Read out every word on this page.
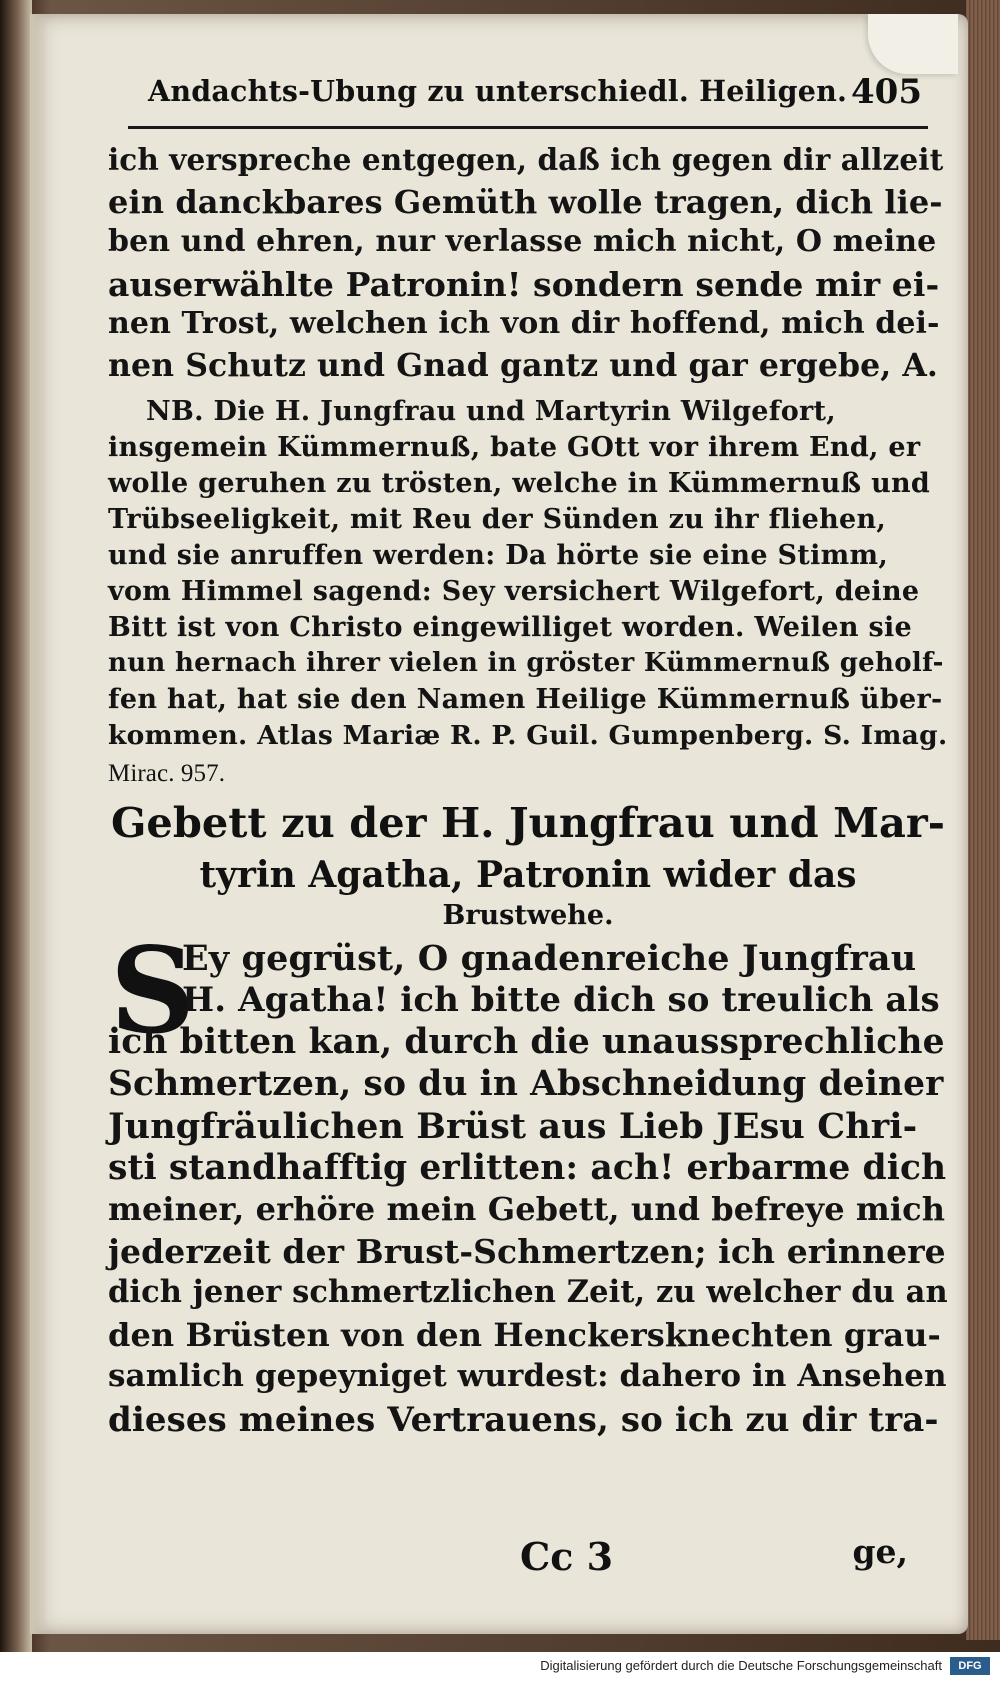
Andachts-Ubung zu unterschiedl. Heiligen. 405
ich verspreche entgegen, daß ich gegen dir allzeit
ein danckbares Gemüth wolle tragen, dich lie-
ben und ehren, nur verlasse mich nicht, O meine
auserwählte Patronin! sondern sende mir ei-
nen Trost, welchen ich von dir hoffend, mich dei-
nen Schutz und Gnad gantz und gar ergebe, A.
NB. Die H. Jungfrau und Martyrin Wilgefort,
insgemein Kümmernuß, bate GOtt vor ihrem End, er
wolle geruhen zu trösten, welche in Kümmernuß und
Trübseeligkeit, mit Reu der Sünden zu ihr fliehen,
und sie anruffen werden: Da hörte sie eine Stimm,
vom Himmel sagend: Sey versichert Wilgefort, deine
Bitt ist von Christo eingewilliget worden. Weilen sie
nun hernach ihrer vielen in gröster Kümmernuß geholf-
fen hat, hat sie den Namen Heilige Kümmernuß über-
kommen. Atlas Mariæ R. P. Guil. Gumpenberg. S. Imag.
Mirac. 957.
Gebett zu der H. Jungfrau und Mar-
tyrin Agatha, Patronin wider das
Brustwehe.
S
Ey gegrüst, O gnadenreiche Jungfrau
H. Agatha! ich bitte dich so treulich als
ich bitten kan, durch die unaussprechliche
Schmertzen, so du in Abschneidung deiner
Jungfräulichen Brüst aus Lieb JEsu Chri-
sti standhafftig erlitten: ach! erbarme dich
meiner, erhöre mein Gebett, und befreye mich
jederzeit der Brust-Schmertzen; ich erinnere
dich jener schmertzlichen Zeit, zu welcher du an
den Brüsten von den Henckersknechten grau-
samlich gepeyniget wurdest: dahero in Ansehen
dieses meines Vertrauens, so ich zu dir tra-
Cc 3	ge,
Digitalisierung gefördert durch die Deutsche Forschungsgemeinschaft	DFG
